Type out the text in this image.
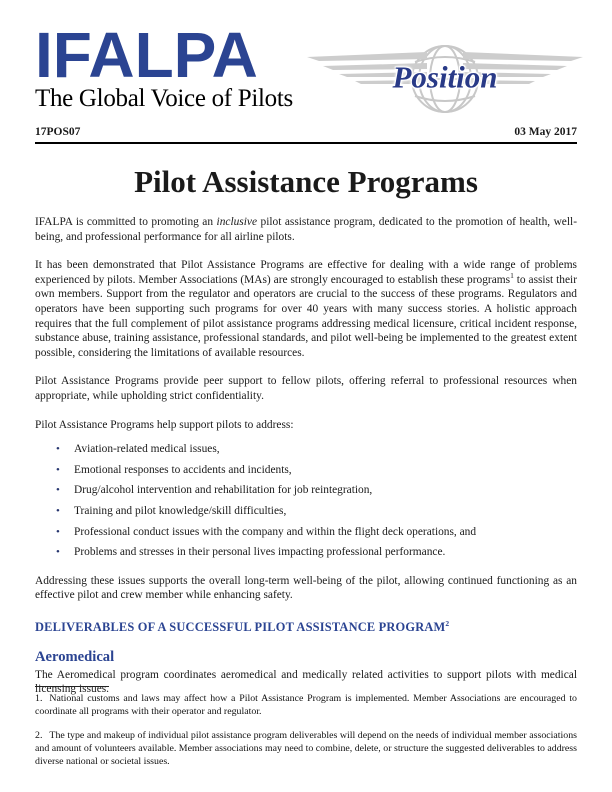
IFALPA
The Global Voice of Pilots
Position
17POS07	03 May 2017
Pilot Assistance Programs

IFALPA is committed to promoting an inclusive pilot assistance program, dedicated to the promotion of health, well-being, and professional performance for all airline pilots.

It has been demonstrated that Pilot Assistance Programs are effective for dealing with a wide range of problems experienced by pilots. Member Associations (MAs) are strongly encouraged to establish these programs$^1$ to assist their own members. Support from the regulator and operators are crucial to the success of these programs. Regulators and operators have been supporting such programs for over 40 years with many success stories. A holistic approach requires that the full complement of pilot assistance programs addressing medical licensure, critical incident response, substance abuse, training assistance, professional standards, and pilot well-being be implemented to the greatest extent possible, considering the limitations of available resources.

Pilot Assistance Programs provide peer support to fellow pilots, offering referral to professional resources when appropriate, while upholding strict confidentiality.

Pilot Assistance Programs help support pilots to address:

•	Aviation-related medical issues,
•	Emotional responses to accidents and incidents,
•	Drug/alcohol intervention and rehabilitation for job reintegration,
•	Training and pilot knowledge/skill difficulties,
•	Professional conduct issues with the company and within the flight deck operations, and
•	Problems and stresses in their personal lives impacting professional performance.

Addressing these issues supports the overall long-term well-being of the pilot, allowing continued functioning as an effective pilot and crew member while enhancing safety.

DELIVERABLES OF A SUCCESSFUL PILOT ASSISTANCE PROGRAM$^2$
Aeromedical

The Aeromedical program coordinates aeromedical and medically related activities to support pilots with medical licensing issues.

1. National customs and laws may affect how a Pilot Assistance Program is implemented. Member Associations are encouraged to coordinate all programs with their operator and regulator.

2. The type and makeup of individual pilot assistance program deliverables will depend on the needs of individual member associations and amount of volunteers available. Member associations may need to combine, delete, or structure the suggested deliverables to address diverse national or societal issues.
